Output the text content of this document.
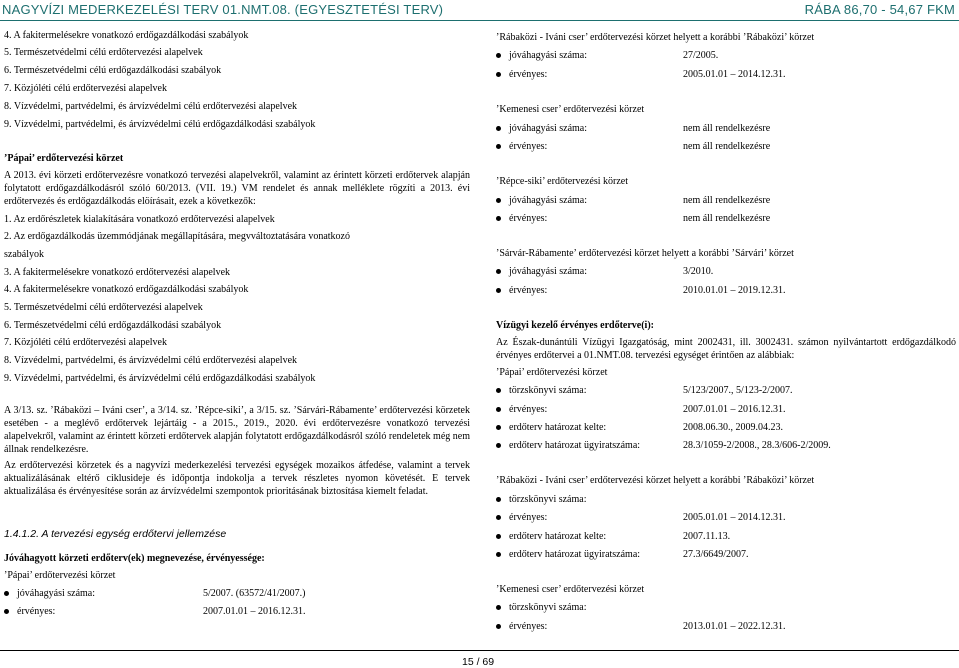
NAGYVÍZI MEDERKEZELÉSI TERV 01.NMT.08. (EGYESZTETÉSI TERV)	RÁBA 86,70 - 54,67 FKM
4. A fakitermelésekre vonatkozó erdőgazdálkodási szabályok
5. Természetvédelmi célú erdőtervezési alapelvek
6. Természetvédelmi célú erdőgazdálkodási szabályok
7. Közjóléti célú erdőtervezési alapelvek
8. Vízvédelmi, partvédelmi, és árvízvédelmi célú erdőtervezési alapelvek
9. Vízvédelmi, partvédelmi, és árvízvédelmi célú erdőgazdálkodási szabályok
’Pápai’ erdőtervezési körzet
A 2013. évi körzeti erdőtervezésre vonatkozó tervezési alapelvekről, valamint az érintett körzeti erdőtervek alapján folytatott erdőgazdálkodásról szóló 60/2013. (VII. 19.) VM rendelet és annak melléklete rögzíti a 2013. évi erdőtervezés és erdőgazdálkodás elöírásait, ezek a következők:
1. Az erdőrészletek kialakítására vonatkozó erdőtervezési alapelvek
2. Az erdőgazdálkodás üzemmódjának megállapítására, megvváltoztatására vonatkozó
szabályok
3. A fakitermelésekre vonatkozó erdőtervezési alapelvek
4. A fakitermelésekre vonatkozó erdőgazdálkodási szabályok
5. Természetvédelmi célú erdőtervezési alapelvek
6. Természetvédelmi célú erdőgazdálkodási szabályok
7. Közjóléti célú erdőtervezési alapelvek
8. Vízvédelmi, partvédelmi, és árvízvédelmi célú erdőtervezési alapelvek
9. Vízvédelmi, partvédelmi, és árvízvédelmi célú erdőgazdálkodási szabályok
A 3/13. sz. ’Rábaközi – Iváni cser’, a 3/14. sz. ’Répce-siki’, a 3/15. sz. ’Sárvári-Rábamente’ erdőtervezési körzetek esetében - a meglévő erdőtervek lejártáig - a 2015., 2019., 2020. évi erdőtervezésre vonatkozó tervezési alapelvekről, valamint az érintett körzeti erdőtervek alapján folytatott erdőgazdálkodásról szóló rendeletek még nem állnak rendelkezésre.
Az erdőtervezési körzetek és a nagyvízi mederkezelési tervezési egységek mozaikos átfedése, valamint a tervek aktualizálásának eltérő ciklusideje és időpontja indokolja a tervek részletes nyomon követését. E tervek aktualizálása és érvényesítése során az árvízvédelmi szempontok prioritásának biztosítása kiemelt feladat.
1.4.1.2. A tervezési egység erdőtervi jellemzése
Jóváhagyott körzeti erdőterv(ek) megnevezése, érvényessége:
’Pápai’ erdőtervezési körzet
jóváhagyási száma:	5/2007. (63572/41/2007.)
érvényes:	2007.01.01 – 2016.12.31.
’Rábaközi - Iváni cser’ erdőtervezési körzet helyett a korábbi ’Rábaközi’ körzet
jóváhagyási száma:	27/2005.
érvényes:	2005.01.01 – 2014.12.31.
’Kemenesi cser’ erdőtervezési körzet
jóváhagyási száma:	nem áll rendelkezésre
érvényes:	nem áll rendelkezésre
’Répce-siki’ erdőtervezési körzet
jóváhagyási száma:	nem áll rendelkezésre
érvényes:	nem áll rendelkezésre
’Sárvár-Rábamente’ erdőtervezési körzet helyett a korábbi ’Sárvári’ körzet
jóváhagyási száma:	3/2010.
érvényes:	2010.01.01 – 2019.12.31.
Vízügyi kezelő érvényes erdőterve(i):
Az Észak-dunántúli Vízügyi Igazgatóság, mint 2002431, ill. 3002431. számon nyilvántartott erdőgazdálkodó érvényes erdőtervei a 01.NMT.08. tervezési egységet érintően az alábbiak:
’Pápai’ erdőtervezési körzet
törzskönyvi száma:	5/123/2007., 5/123-2/2007.
érvényes:	2007.01.01 – 2016.12.31.
erdőterv határozat kelte:	2008.06.30., 2009.04.23.
erdőterv határozat ügyiratszáma:	28.3/1059-2/2008., 28.3/606-2/2009.
’Rábaközi - Iváni cser’ erdőtervezési körzet helyett a korábbi ’Rábaközi’ körzet
törzskönyvi száma:
érvényes:	2005.01.01 – 2014.12.31.
erdőterv határozat kelte:	2007.11.13.
erdőterv határozat ügyiratszáma:	27.3/6649/2007.
’Kemenesi cser’ erdőtervezési körzet
törzskönyvi száma:
érvényes:	2013.01.01 – 2022.12.31.
15 / 69
